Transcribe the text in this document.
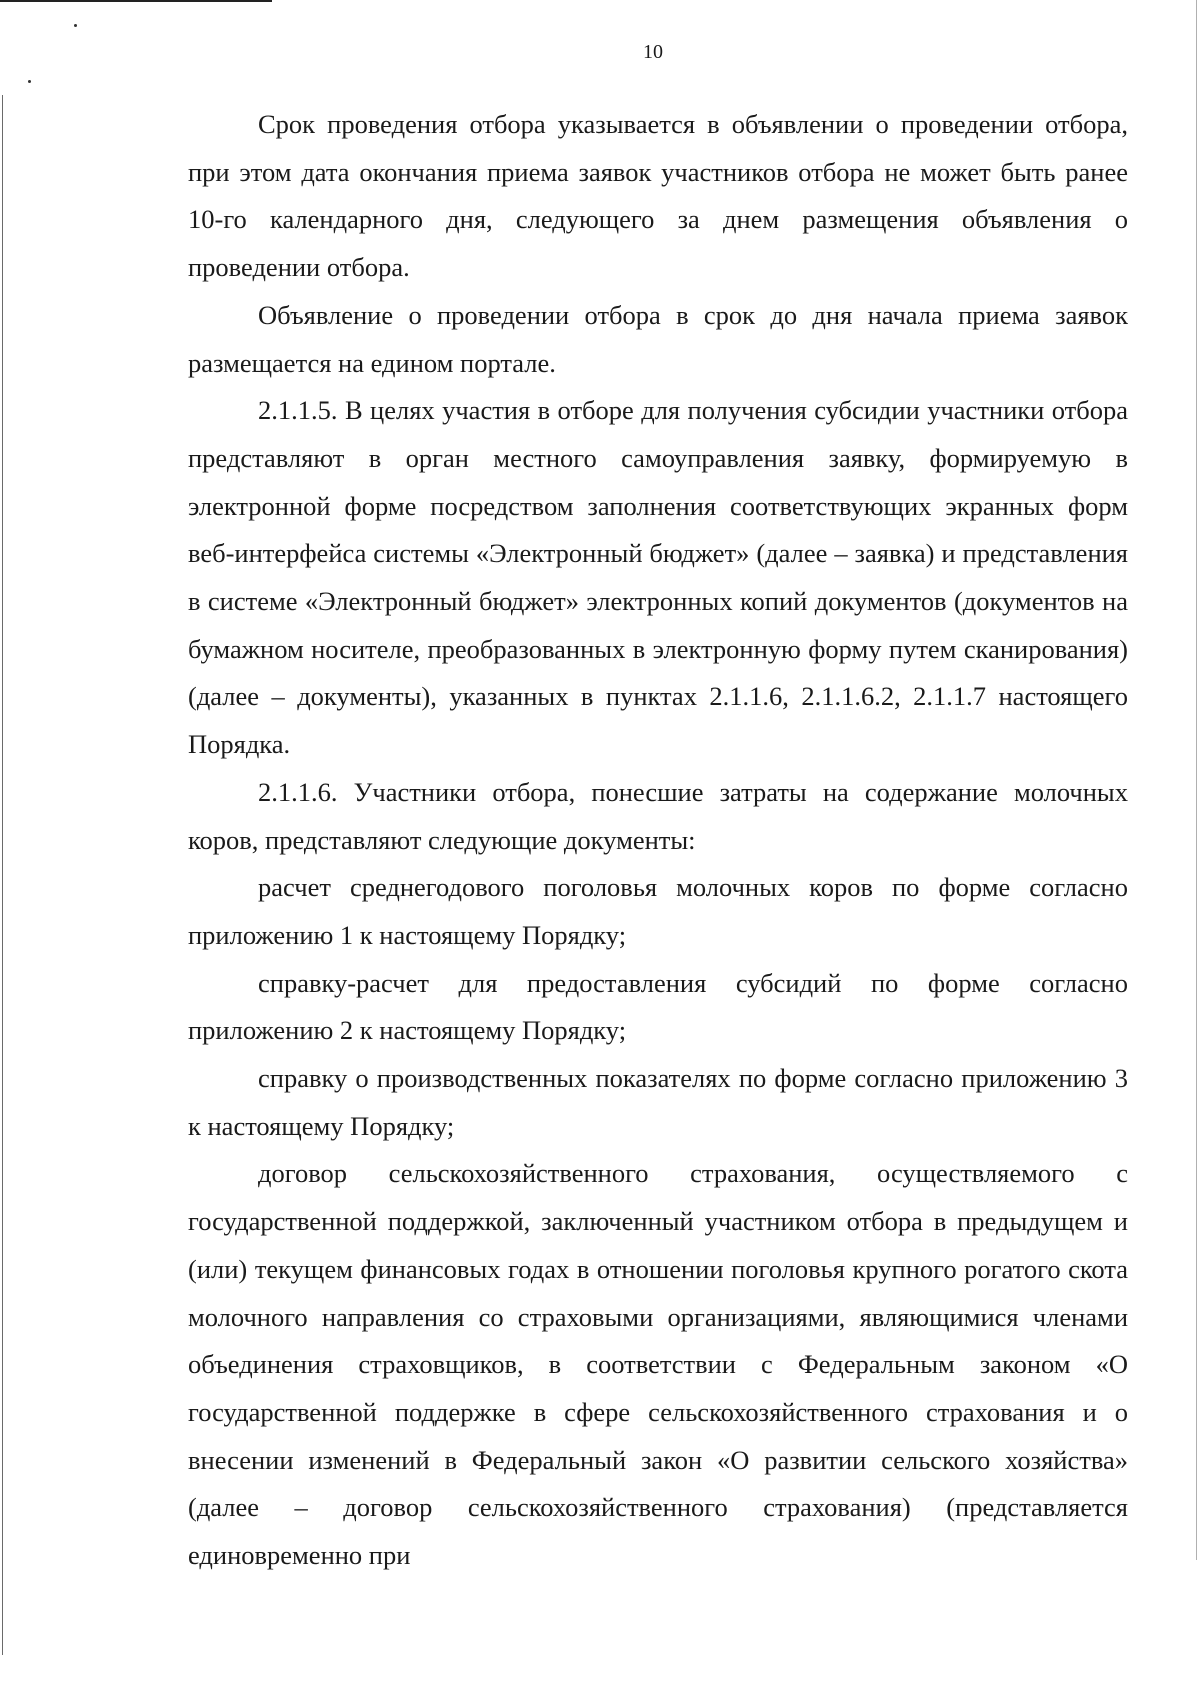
10

Срок проведения отбора указывается в объявлении о проведении отбора, при этом дата окончания приема заявок участников отбора не может быть ранее 10-го календарного дня, следующего за днем размещения объявления о проведении отбора.

Объявление о проведении отбора в срок до дня начала приема заявок размещается на едином портале.

2.1.1.5. В целях участия в отборе для получения субсидии участники отбора представляют в орган местного самоуправления заявку, формируемую в электронной форме посредством заполнения соответствующих экранных форм веб-интерфейса системы «Электронный бюджет» (далее – заявка) и представления в системе «Электронный бюджет» электронных копий документов (документов на бумажном носителе, преобразованных в электронную форму путем сканирования) (далее – документы), указанных в пунктах 2.1.1.6, 2.1.1.6.2, 2.1.1.7 настоящего Порядка.

2.1.1.6. Участники отбора, понесшие затраты на содержание молочных коров, представляют следующие документы:

расчет среднегодового поголовья молочных коров по форме согласно приложению 1 к настоящему Порядку;

справку-расчет для предоставления субсидий по форме согласно приложению 2 к настоящему Порядку;

справку о производственных показателях по форме согласно приложению 3 к настоящему Порядку;

договор сельскохозяйственного страхования, осуществляемого с государственной поддержкой, заключенный участником отбора в предыдущем и (или) текущем финансовых годах в отношении поголовья крупного рогатого скота молочного направления со страховыми организациями, являющимися членами объединения страховщиков, в соответствии с Федеральным законом «О государственной поддержке в сфере сельскохозяйственного страхования и о внесении изменений в Федеральный закон «О развитии сельского хозяйства» (далее – договор сельскохозяйственного страхования) (представляется единовременно при
